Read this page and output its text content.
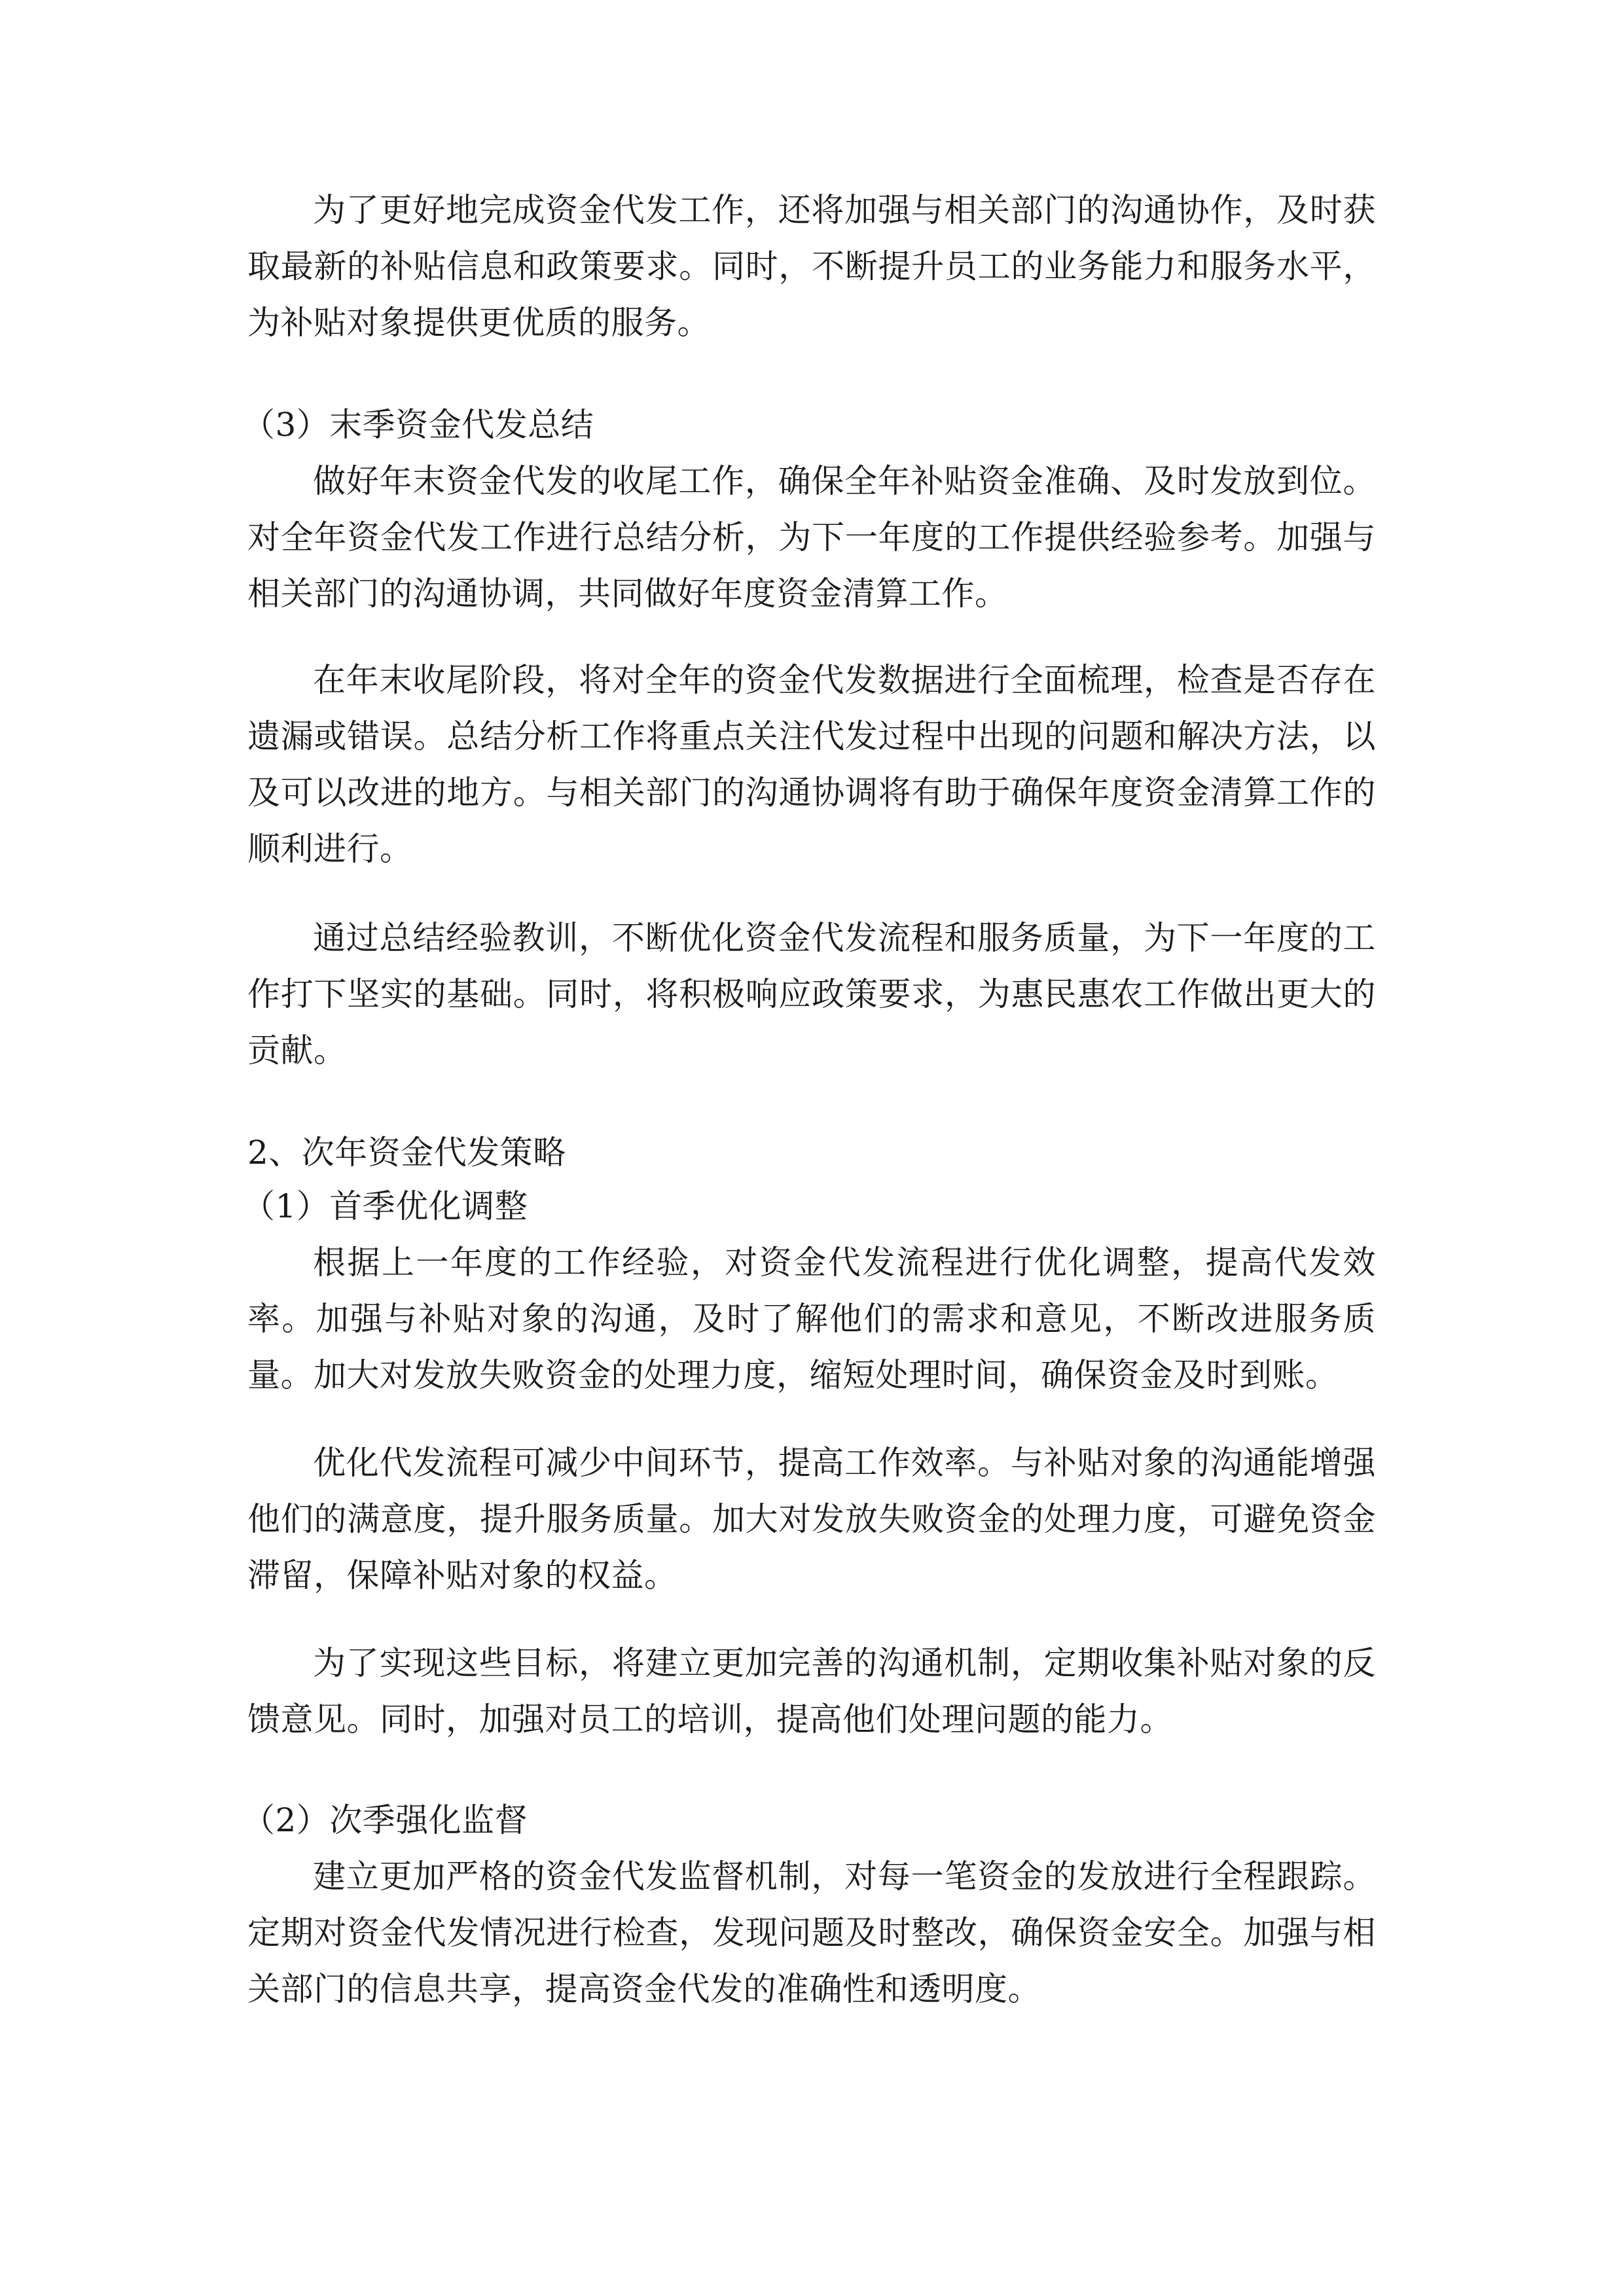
为了更好地完成资金代发工作，还将加强与相关部门的沟通协作，及时获取最新的补贴信息和政策要求。同时，不断提升员工的业务能力和服务水平，为补贴对象提供更优质的服务。

（3）末季资金代发总结

做好年末资金代发的收尾工作，确保全年补贴资金准确、及时发放到位。对全年资金代发工作进行总结分析，为下一年度的工作提供经验参考。加强与相关部门的沟通协调，共同做好年度资金清算工作。

在年末收尾阶段，将对全年的资金代发数据进行全面梳理，检查是否存在遗漏或错误。总结分析工作将重点关注代发过程中出现的问题和解决方法，以及可以改进的地方。与相关部门的沟通协调将有助于确保年度资金清算工作的顺利进行。

通过总结经验教训，不断优化资金代发流程和服务质量，为下一年度的工作打下坚实的基础。同时，将积极响应政策要求，为惠民惠农工作做出更大的贡献。

2、次年资金代发策略

（1）首季优化调整

根据上一年度的工作经验，对资金代发流程进行优化调整，提高代发效率。加强与补贴对象的沟通，及时了解他们的需求和意见，不断改进服务质量。加大对发放失败资金的处理力度，缩短处理时间，确保资金及时到账。

优化代发流程可减少中间环节，提高工作效率。与补贴对象的沟通能增强他们的满意度，提升服务质量。加大对发放失败资金的处理力度，可避免资金滞留，保障补贴对象的权益。

为了实现这些目标，将建立更加完善的沟通机制，定期收集补贴对象的反馈意见。同时，加强对员工的培训，提高他们处理问题的能力。

（2）次季强化监督

建立更加严格的资金代发监督机制，对每一笔资金的发放进行全程跟踪。定期对资金代发情况进行检查，发现问题及时整改，确保资金安全。加强与相关部门的信息共享，提高资金代发的准确性和透明度。
